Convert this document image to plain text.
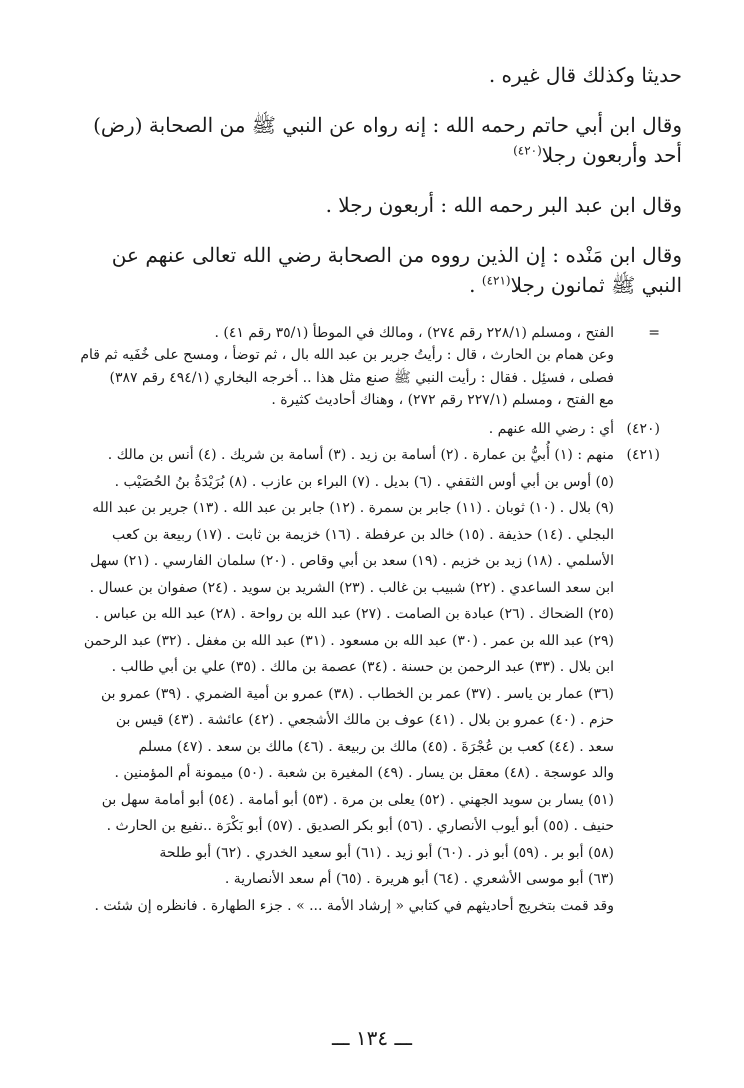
حديثا وكذلك قال غيره .

وقال ابن أبي حاتم رحمه الله : إنه رواه عن النبي ﷺ من الصحابة (رض) أحد وأربعون رجلا$^{(٤٢٠)}$

وقال ابن عبد البر رحمه الله : أربعون رجلا .

وقال ابن مَنْده : إن الذين رووه من الصحابة رضي الله تعالى عنهم عن النبي ﷺ ثمانون رجلا$^{(٤٢١)}$ .

=

الفتح ، ومسلم (٢٢٨/١ رقم ٢٧٤) ، ومالك في الموطأ (٣٥/١ رقم ٤١) .

وعن همام بن الحارث ، قال : رأيتُ جرير بن عبد الله بال ، ثم توضأ ، ومسح على خُفَيه ثم قام

فصلى ، فسئِل . فقال : رأيت النبي ﷺ صنع مثل هذا .. أخرجه البخاري (٤٩٤/١ رقم ٣٨٧)

مع الفتح ، ومسلم (٢٢٧/١ رقم ٢٧٢) ، وهناك أحاديث كثيرة .

(٤٢٠)

أي : رضي الله عنهم .

(٤٢١)

منهم : (١) أُبيُّ بن عمارة . (٢) أسامة بن زيد . (٣) أسامة بن شريك . (٤) أنس بن مالك .

(٥) أوس بن أبي أوس الثقفي . (٦) بديل . (٧) البراء بن عازب . (٨) بُرَيْدَةُ بنُ الحُصَيْب .

(٩) بلال . (١٠) ثوبان . (١١) جابر بن سمرة . (١٢) جابر بن عبد الله . (١٣) جرير بن عبد الله

البجلي . (١٤) حذيفة . (١٥) خالد بن عرفطة . (١٦) خزيمة بن ثابت . (١٧) ربيعة بن كعب

الأسلمي . (١٨) زيد بن خزيم . (١٩) سعد بن أبي وقاص . (٢٠) سلمان الفارسي . (٢١) سهل

ابن سعد الساعدي . (٢٢) شبيب بن غالب . (٢٣) الشريد بن سويد . (٢٤) صفوان بن عسال .

(٢٥) الضحاك . (٢٦) عبادة بن الصامت . (٢٧) عبد الله بن رواحة . (٢٨) عبد الله بن عباس .

(٢٩) عبد الله بن عمر . (٣٠) عبد الله بن مسعود . (٣١) عبد الله بن مغفل . (٣٢) عبد الرحمن

ابن بلال . (٣٣) عبد الرحمن بن حسنة . (٣٤) عصمة بن مالك . (٣٥) علي بن أبي طالب .

(٣٦) عمار بن ياسر . (٣٧) عمر بن الخطاب . (٣٨) عمرو بن أمية الضمري . (٣٩) عمرو بن

حزم . (٤٠) عمرو بن بلال . (٤١) عوف بن مالك الأشجعي . (٤٢) عائشة . (٤٣) قيس بن

سعد . (٤٤) كعب بن عُجْرَةَ . (٤٥) مالك بن ربيعة . (٤٦) مالك بن سعد . (٤٧) مسلم

والد عوسجة . (٤٨) معقل بن يسار . (٤٩) المغيرة بن شعبة . (٥٠) ميمونة أم المؤمنين .

(٥١) يسار بن سويد الجهني . (٥٢) يعلى بن مرة . (٥٣) أبو أمامة . (٥٤) أبو أمامة سهل بن

حنيف . (٥٥) أبو أيوب الأنصاري . (٥٦) أبو بكر الصديق . (٥٧) أبو بَكْرَة ..نفيع بن الحارث .

(٥٨) أبو بر . (٥٩) أبو ذر . (٦٠) أبو زيد . (٦١) أبو سعيد الخدري . (٦٢) أبو طلحة

(٦٣) أبو موسى الأشعري . (٦٤) أبو هريرة . (٦٥) أم سعد الأنصارية .

وقد قمت بتخريج أحاديثهم في كتابي « إرشاد الأمة ... » . جزء الطهارة . فانظره إن شئت .

ـــ ١٣٤ ـــ
